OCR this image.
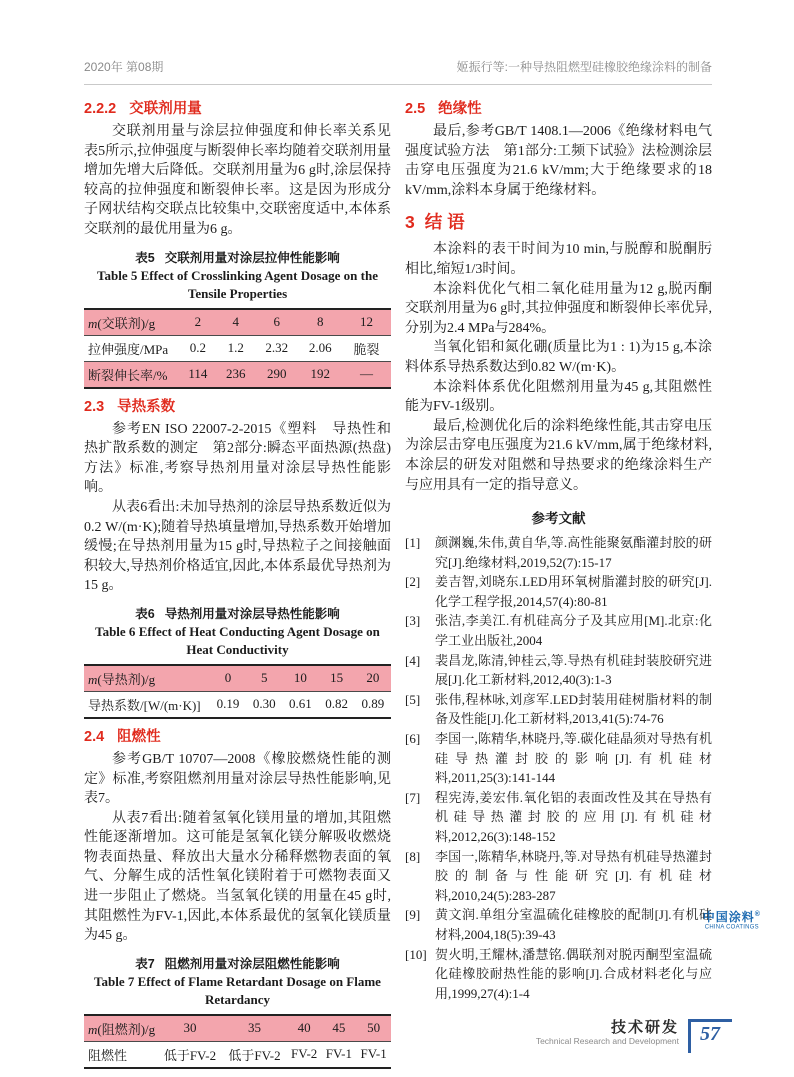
2020年 第08期	姬振行等:一种导热阻燃型硅橡胶绝缘涂料的制备
2.2.2 交联剂用量

交联剂用量与涂层拉伸强度和伸长率关系见表5所示,拉伸强度与断裂伸长率均随着交联剂用量增加先增大后降低。交联剂用量为6 g时,涂层保持较高的拉伸强度和断裂伸长率。这是因为形成分子网状结构交联点比较集中,交联密度适中,本体系交联剂的最优用量为6 g。

表5 交联剂用量对涂层拉伸性能影响
Table 5 Effect of Crosslinking Agent Dosage on the Tensile Properties
m(交联剂)/g	2	4	6	8	12
拉伸强度/MPa	0.2	1.2	2.32	2.06	脆裂
断裂伸长率/%	114	236	290	192	—
2.3 导热系数

参考EN ISO 22007-2-2015《塑料　导热性和热扩散系数的测定　第2部分:瞬态平面热源(热盘)方法》标准,考察导热剂用量对涂层导热性能影响。

从表6看出:未加导热剂的涂层导热系数近似为0.2 W/(m·K);随着导热填量增加,导热系数开始增加缓慢;在导热剂用量为15 g时,导热粒子之间接触面积较大,导热剂价格适宜,因此,本体系最优导热剂为15 g。

表6 导热剂用量对涂层导热性能影响
Table 6 Effect of Heat Conducting Agent Dosage on Heat Conductivity
m(导热剂)/g	0	5	10	15	20
导热系数/[W/(m·K)]	0.19	0.30	0.61	0.82	0.89
2.4 阻燃性

参考GB/T 10707—2008《橡胶燃烧性能的测定》标准,考察阻燃剂用量对涂层导热性能影响,见表7。

从表7看出:随着氢氧化镁用量的增加,其阻燃性能逐渐增加。这可能是氢氧化镁分解吸收燃烧物表面热量、释放出大量水分稀释燃物表面的氧气、分解生成的活性氧化镁附着于可燃物表面又进一步阻止了燃烧。当氢氧化镁的用量在45 g时,其阻燃性为FV-1,因此,本体系最优的氢氧化镁质量为45 g。

表7 阻燃剂用量对涂层阻燃性能影响
Table 7 Effect of Flame Retardant Dosage on Flame Retardancy
m(阻燃剂)/g	30	35	40	45	50
阻燃性	低于FV-2	低于FV-2	FV-2	FV-1	FV-1
2.5 绝缘性

最后,参考GB/T 1408.1—2006《绝缘材料电气强度试验方法　第1部分:工频下试验》法检测涂层击穿电压强度为21.6 kV/mm;大于绝缘要求的18 kV/mm,涂料本身属于绝缘材料。

3 结 语

本涂料的表干时间为10 min,与脱醇和脱酮肟相比,缩短1/3时间。

本涂料优化气相二氧化硅用量为12 g,脱丙酮交联剂用量为6 g时,其拉伸强度和断裂伸长率优异,分别为2.4 MPa与284%。

当氧化铝和氮化硼(质量比为1 : 1)为15 g,本涂料体系导热系数达到0.82 W/(m·K)。

本涂料体系优化阻燃剂用量为45 g,其阻燃性能为FV-1级别。

最后,检测优化后的涂料绝缘性能,其击穿电压为涂层击穿电压强度为21.6 kV/mm,属于绝缘材料,本涂层的研发对阻燃和导热要求的绝缘涂料生产与应用具有一定的指导意义。

参考文献
[1]	颜渊巍,朱伟,黄自华,等.高性能聚氨酯灌封胶的研究[J].绝缘材料,2019,52(7):15-17
[2]	姜吉智,刘晓东.LED用环氧树脂灌封胶的研究[J].化学工程学报,2014,57(4):80-81
[3]	张洁,李美江.有机硅高分子及其应用[M].北京:化学工业出版社,2004
[4]	裴昌龙,陈清,钟桂云,等.导热有机硅封装胶研究进展[J].化工新材料,2012,40(3):1-3
[5]	张伟,程林咏,刘彦军.LED封装用硅树脂材料的制备及性能[J].化工新材料,2013,41(5):74-76
[6]	李国一,陈精华,林晓丹,等.碳化硅晶须对导热有机硅导热灌封胶的影响[J].有机硅材料,2011,25(3):141-144
[7]	程宪涛,姜宏伟.氧化铝的表面改性及其在导热有机硅导热灌封胶的应用[J].有机硅材料,2012,26(3):148-152
[8]	李国一,陈精华,林晓丹,等.对导热有机硅导热灌封胶的制备与性能研究[J].有机硅材料,2010,24(5):283-287
[9]	黄文润.单组分室温硫化硅橡胶的配制[J].有机硅材料,2004,18(5):39-43
[10] 贺火明,王耀林,潘慧铭.偶联剂对脱丙酮型室温硫化硅橡胶耐热性能的影响[J].合成材料老化与应用,1999,27(4):1-4
中国涂料®
CHINA COATINGS
技术研发
Technical Research and Development	57
